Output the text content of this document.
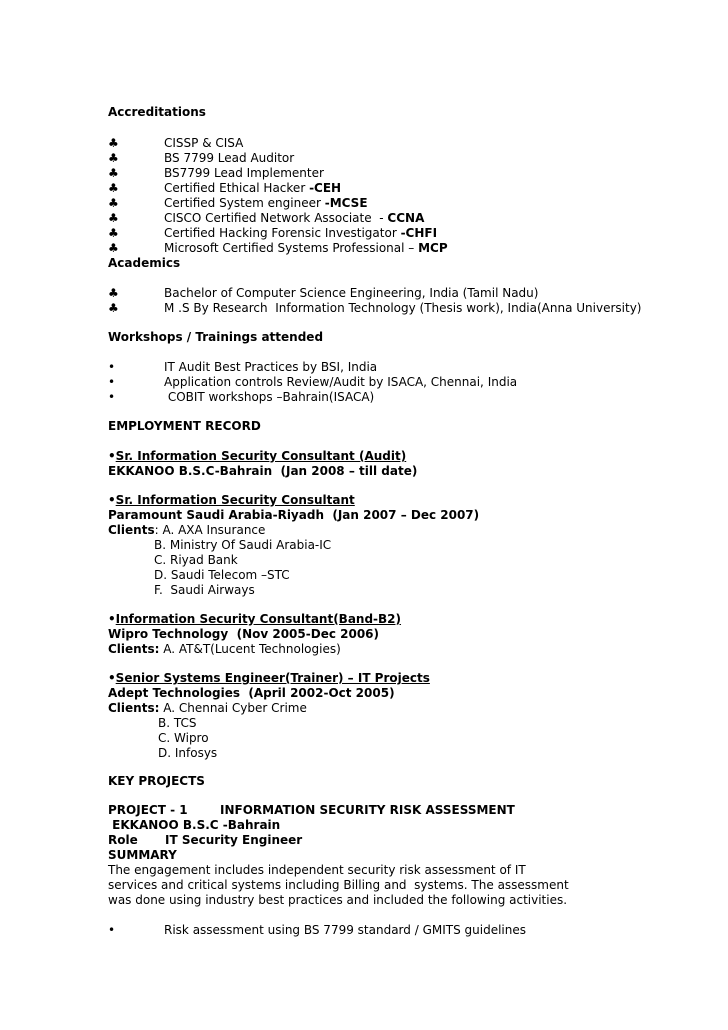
Accreditations
♣	CISSP & CISA
♣	BS 7799 Lead Auditor
♣	BS7799 Lead Implementer
♣	Certified Ethical Hacker -CEH
♣	Certified System engineer -MCSE
♣	CISCO Certified Network Associate  - CCNA
♣	Certified Hacking Forensic Investigator -CHFI
♣	Microsoft Certified Systems Professional – MCP
Academics
♣	Bachelor of Computer Science Engineering, India (Tamil Nadu)
♣	M .S By Research  Information Technology (Thesis work), India(Anna University)
Workshops / Trainings attended
•	IT Audit Best Practices by BSI, India
•	Application controls Review/Audit by ISACA, Chennai, India
•	COBIT workshops –Bahrain(ISACA)
EMPLOYMENT RECORD
•Sr. Information Security Consultant (Audit)
EKKANOO B.S.C-Bahrain  (Jan 2008 – till date)
•Sr. Information Security Consultant
Paramount Saudi Arabia-Riyadh  (Jan 2007 – Dec 2007)
Clients: A. AXA Insurance
B. Ministry Of Saudi Arabia-IC
C. Riyad Bank
D. Saudi Telecom –STC
F.  Saudi Airways
•Information Security Consultant(Band-B2)
Wipro Technology  (Nov 2005-Dec 2006)
Clients: A. AT&T(Lucent Technologies)
•Senior Systems Engineer(Trainer) – IT Projects
Adept Technologies  (April 2002-Oct 2005)
Clients: A. Chennai Cyber Crime
B. TCS
C. Wipro
D. Infosys
KEY PROJECTS
PROJECT - 1	INFORMATION SECURITY RISK ASSESSMENT
EKKANOO B.S.C -Bahrain
Role IT Security Engineer
SUMMARY
The engagement includes independent security risk assessment of IT
services and critical systems including Billing and  systems. The assessment
was done using industry best practices and included the following activities.
•	Risk assessment using BS 7799 standard / GMITS guidelines
